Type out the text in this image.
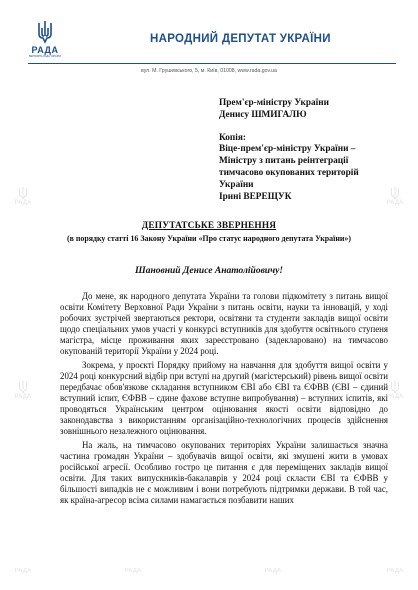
РАДА
ВЕРХОВНА РАДА УКРАЇНИ
НАРОДНИЙ ДЕПУТАТ УКРАЇНИ
вул. М. Грушевського, 5, м. Київ, 01008, www.rada.gov.ua
РАДА
РАДА
РАДА	РАДА	РАДА
РАДА
РАДА
РАДА

Прем'єр-міністру України

Денису ШМИГАЛЮ

Копія:

Віце-прем'єр-міністру України –

Міністру з питань реінтеграції

тимчасово окупованих територій

України

Ірині ВЕРЕЩУК

ДЕПУТАТСЬКЕ ЗВЕРНЕННЯ
(в порядку статті 16 Закону України «Про статус народного депутата України»)
Шановний Денисе Анатолійовичу!

До мене, як народного депутата України та голови підкомітету з питань вищої освіти Комітету Верховної Ради України з питань освіти, науки та інновацій, у ході робочих зустрічей звертаються ректори, освітяни та студенти закладів вищої освіти щодо спеціальних умов участі у конкурсі вступників для здобуття освітнього ступеня магістра, місце проживання яких зареєстровано (задекларовано) на тимчасово окупованій території України у 2024 році.

Зокрема, у проєкті Порядку прийому на навчання для здобуття вищої освіти у 2024 році конкурсний відбір при вступі на другий (магістерський) рівень вищої освіти передбачає обов'язкове складання вступником ЄВІ або ЄВІ та ЄФВВ (ЄВІ – єдиний вступний іспит, ЄФВВ – єдине фахове вступне випробування) – вступних іспитів, які проводяться Українським центром оцінювання якості освіти відповідно до законодавства з використанням організаційно-технологічних процесів здійснення зовнішнього незалежного оцінювання.

На жаль, на тимчасово окупованих територіях України залишається значна частина громадян України – здобувачів вищої освіти, які змушені жити в умовах російської агресії. Особливо гостро це питання є для переміщених закладів вищої освіти. Для таких випускників-бакалаврів у 2024 році скласти ЄВІ та ЄФВВ у більшості випадків не є можливим і вони потребують підтримки держави. В той час, як країна-агресор всіма силами намагається позбавити наших
